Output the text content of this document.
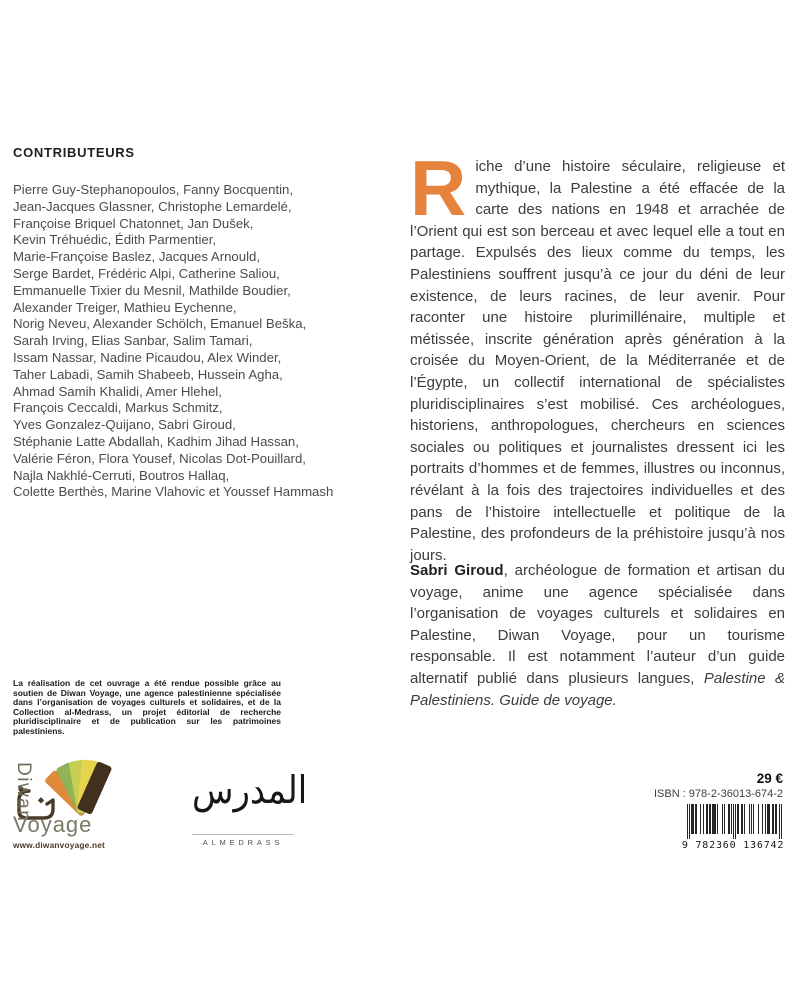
CONTRIBUTEURS
Pierre Guy-Stephanopoulos, Fanny Bocquentin,
Jean-Jacques Glassner, Christophe Lemardelé,
Françoise Briquel Chatonnet, Jan Dušek,
Kevin Tréhuédic, Édith Parmentier,
Marie-Françoise Baslez, Jacques Arnould,
Serge Bardet, Frédéric Alpi, Catherine Saliou,
Emmanuelle Tixier du Mesnil, Mathilde Boudier,
Alexander Treiger, Mathieu Eychenne,
Norig Neveu, Alexander Schölch, Emanuel Beška,
Sarah Irving, Elias Sanbar, Salim Tamari,
Issam Nassar, Nadine Picaudou, Alex Winder,
Taher Labadi, Samih Shabeeb, Hussein Agha,
Ahmad Samih Khalidi, Amer Hlehel,
François Ceccaldi, Markus Schmitz,
Yves Gonzalez-Quijano, Sabri Giroud,
Stéphanie Latte Abdallah, Kadhim Jihad Hassan,
Valérie Féron, Flora Yousef, Nicolas Dot-Pouillard,
Najla Nakhlé-Cerruti, Boutros Hallaq,
Colette Berthès, Marine Vlahovic et Youssef Hammash

Riche d’une histoire séculaire, religieuse et mythique, la Palestine a été effacée de la carte des nations en 1948 et arrachée de l’Orient qui est son berceau et avec lequel elle a tout en partage. Expulsés des lieux comme du temps, les Palestiniens souffrent jusqu’à ce jour du déni de leur existence, de leurs racines, de leur avenir. Pour raconter une histoire plurimillénaire, multiple et métissée, inscrite génération après génération à la croisée du Moyen-Orient, de la Méditerranée et de l’Égypte, un collectif international de spécialistes pluridisciplinaires s’est mobilisé. Ces archéologues, historiens, anthropologues, chercheurs en sciences sociales ou politiques et journalistes dressent ici les portraits d’hommes et de femmes, illustres ou inconnus, révélant à la fois des trajectoires individuelles et des pans de l’histoire intellectuelle et politique de la Palestine, des profondeurs de la préhistoire jusqu’à nos jours.

Sabri Giroud, archéologue de formation et artisan du voyage, anime une agence spécialisée dans l’organisation de voyages culturels et solidaires en Palestine, Diwan Voyage, pour un tourisme responsable. Il est notamment l’auteur d’un guide alternatif publié dans plusieurs langues, Palestine & Palestiniens. Guide de voyage.

La réalisation de cet ouvrage a été rendue possible grâce au soutien de Diwan Voyage, une agence palestinienne spécialisée dans l’organisation de voyages culturels et solidaires, et de la Collection al-Medrass, un projet éditorial de recherche pluridisciplinaire et de publication sur les patrimoines palestiniens.
Diwan
Voyage
www.diwanvoyage.net
المدرس
ALMEDRASS
29 €
ISBN : 978-2-36013-674-2
9 782360 136742
